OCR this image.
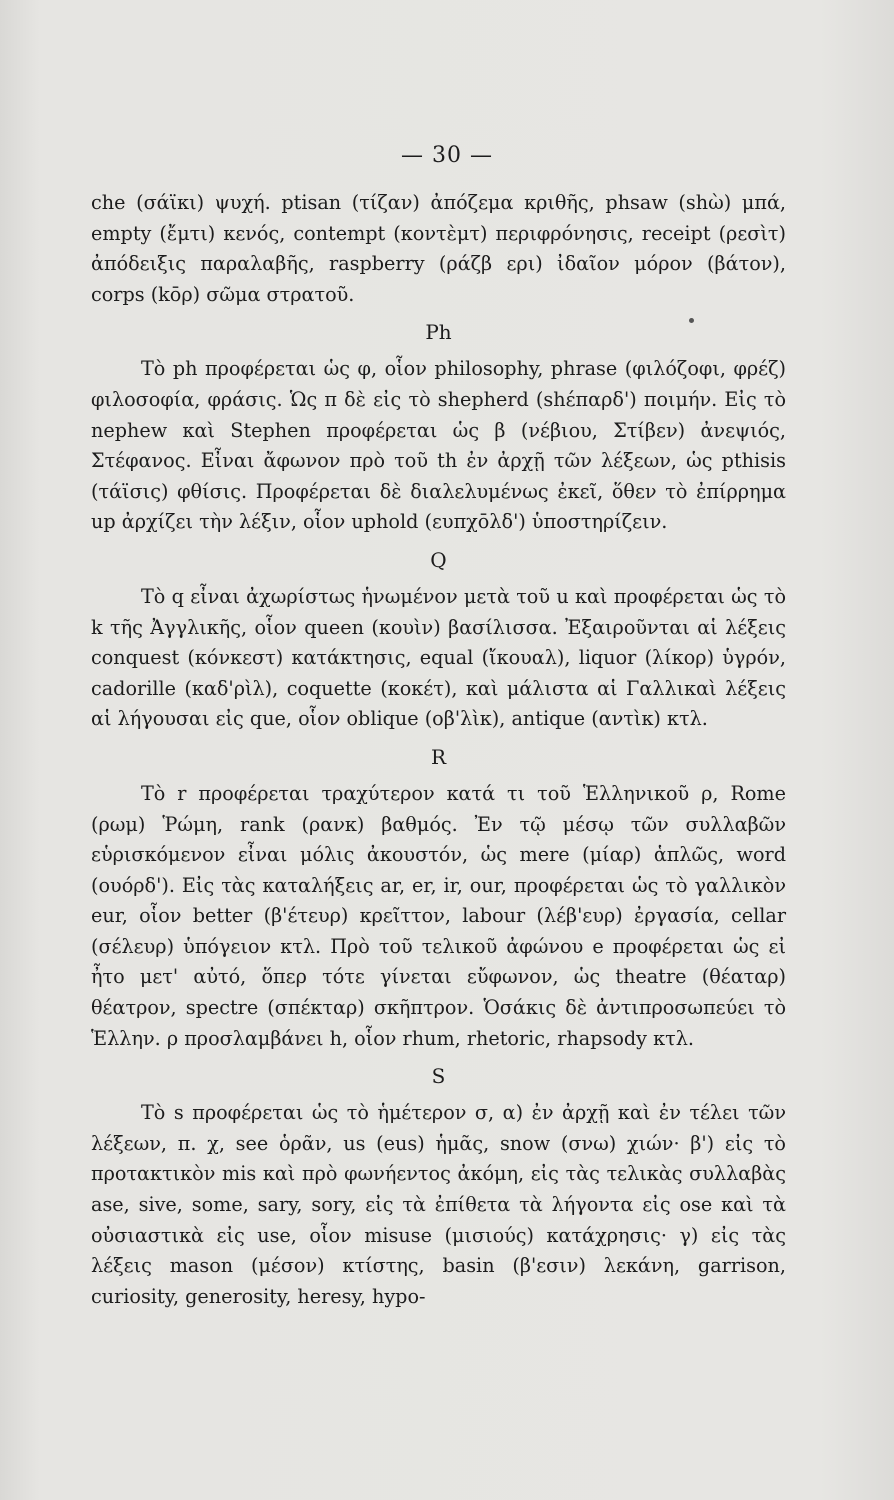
— 30 —

che (σάϊκι) ψυχή. ptisan (τίζαν) ἀπόζεμα κριθῆς, phsaw (shὼ) μπά, empty (ἔμτι) κενός, contempt (κοντὲμτ) περιφρόνησις, receipt (ρεσὶτ) ἀπόδειξις παραλαβῆς, raspberry (ράζβ ερι) ἰδαῖον μόρον (βάτον), corps (kōρ) σῶμα στρατοῦ.

Ph

Τὸ ph προφέρεται ὡς φ, οἷον philosophy, phrase (φιλόζοφι, φρέζ) φιλοσοφία, φράσις. Ὡς π δὲ εἰς τὸ shepherd (shέπαρδ') ποιμήν. Εἰς τὸ nephew καὶ Stephen προφέρεται ὡς β (νέβιου, Στίβεν) ἀνεψιός, Στέφανος. Εἶναι ἄφωνον πρὸ τοῦ th ἐν ἀρχῇ τῶν λέξεων, ὡς pthisis (τάϊσις) φθίσις. Προφέρεται δὲ διαλελυμένως ἐκεῖ, ὅθεν τὸ ἐπίρρημα up ἀρχίζει τὴν λέξιν, οἷον uphold (ευπχōλδ') ὑποστηρίζειν.

Q

Τὸ q εἶναι ἀχωρίστως ἡνωμένον μετὰ τοῦ u καὶ προφέρεται ὡς τὸ k τῆς Ἀγγλικῆς, οἷον queen (κουὶν) βασίλισσα. Ἐξαιροῦνται αἱ λέξεις conquest (κόνκεστ) κατάκτησις, equal (ἴκουαλ), liquor (λίκορ) ὑγρόν, cadorille (καδ'ρὶλ), coquette (κοκέτ), καὶ μάλιστα αἱ Γαλλικαὶ λέξεις αἱ λήγουσαι εἰς que, οἷον oblique (οβ'λὶκ), antique (αντὶκ) κτλ.

R

Τὸ r προφέρεται τραχύτερον κατά τι τοῦ Ἑλληνικοῦ ρ, Rome (ρωμ) Ῥώμη, rank (ρανκ) βαθμός. Ἐν τῷ μέσῳ τῶν συλλαβῶν εὑρισκόμενον εἶναι μόλις ἀκουστόν, ὡς mere (μίαρ) ἁπλῶς, word (ουόρδ'). Εἰς τὰς καταλήξεις ar, er, ir, our, προφέρεται ὡς τὸ γαλλικὸν eur, οἷον better (β'έτευρ) κρεῖττον, labour (λέβ'ευρ) ἐργασία, cellar (σέλευρ) ὑπόγειον κτλ. Πρὸ τοῦ τελικοῦ ἀφώνου e προφέρεται ὡς εἰ ἦτο μετ' αὐτό, ὅπερ τότε γίνεται εὔφωνον, ὡς theatre (θέαταρ) θέατρον, spectre (σπέκταρ) σκῆπτρον. Ὁσάκις δὲ ἀντιπροσωπεύει τὸ Ἑλλην. ρ προσλαμβάνει h, οἷον rhum, rhetoric, rhapsody κτλ.

S

Τὸ s προφέρεται ὡς τὸ ἡμέτερον σ, α) ἐν ἀρχῇ καὶ ἐν τέλει τῶν λέξεων, π. χ, see ὁρᾶν, us (eus) ἡμᾶς, snow (σνω) χιών· β') εἰς τὸ προτακτικὸν mis καὶ πρὸ φωνήεντος ἀκόμη, εἰς τὰς τελικὰς συλλαβὰς ase, sive, some, sary, sory, εἰς τὰ ἐπίθετα τὰ λήγοντα εἰς ose καὶ τὰ οὐσιαστικὰ εἰς use, οἷον misuse (μισιούς) κατάχρησις· γ) εἰς τὰς λέξεις mason (μέσον) κτίστης, basin (β'εσιν) λεκάνη, garrison, curiosity, generosity, heresy, hypo-
